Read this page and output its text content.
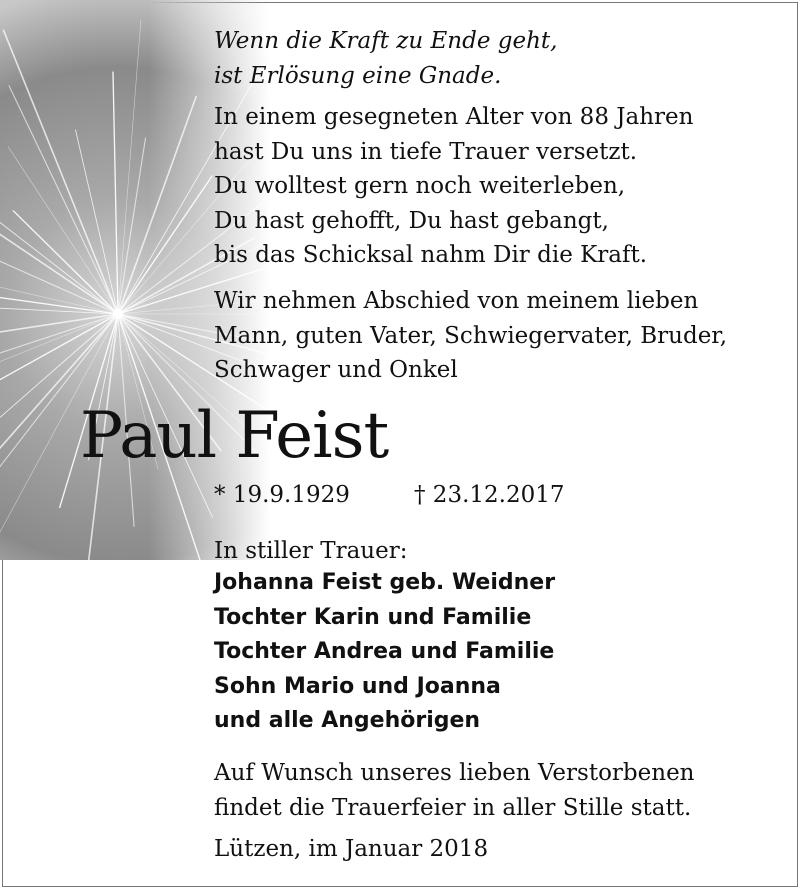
Wenn die Kraft zu Ende geht,
ist Erlösung eine Gnade.
In einem gesegneten Alter von 88 Jahren
hast Du uns in tiefe Trauer versetzt.
Du wolltest gern noch weiterleben,
Du hast gehofft, Du hast gebangt,
bis das Schicksal nahm Dir die Kraft.
Wir nehmen Abschied von meinem lieben
Mann, guten Vater, Schwiegervater, Bruder,
Schwager und Onkel
Paul Feist
* 19.9.1929	† 23.12.2017
In stiller Trauer:
Johanna Feist geb. Weidner
Tochter Karin und Familie
Tochter Andrea und Familie
Sohn Mario und Joanna
und alle Angehörigen
Auf Wunsch unseres lieben Verstorbenen
findet die Trauerfeier in aller Stille statt.
Lützen, im Januar 2018
